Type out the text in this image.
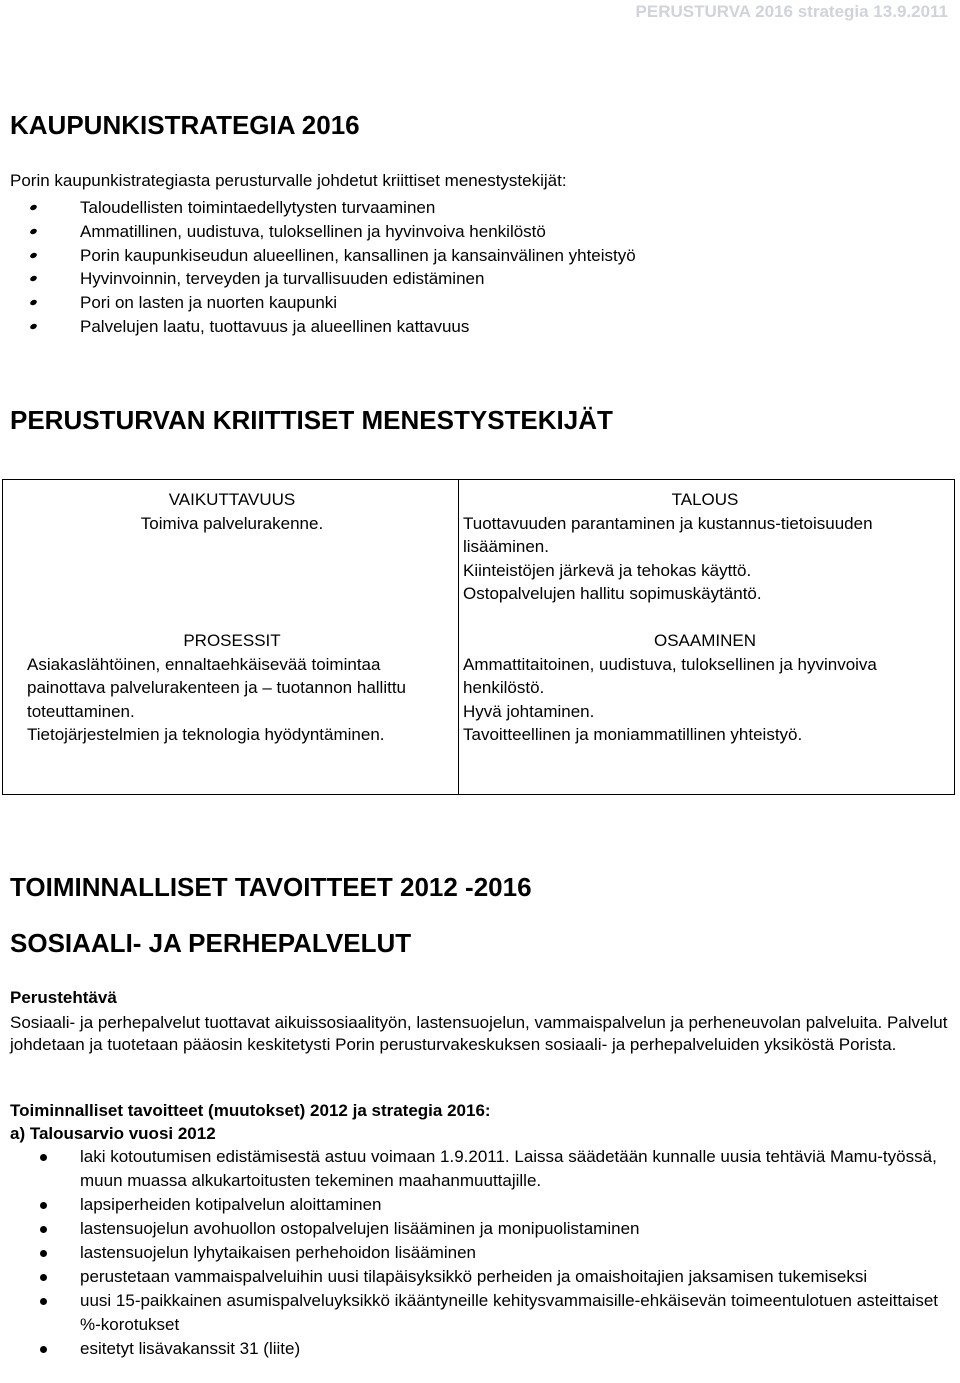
PERUSTURVA 2016 strategia 13.9.2011
KAUPUNKISTRATEGIA 2016
Porin kaupunkistrategiasta perusturvalle johdetut kriittiset menestystekijät:
Taloudellisten toimintaedellytysten turvaaminen
Ammatillinen, uudistuva, tuloksellinen ja hyvinvoiva henkilöstö
Porin kaupunkiseudun alueellinen, kansallinen ja kansainvälinen yhteistyö
Hyvinvoinnin, terveyden ja turvallisuuden edistäminen
Pori on lasten ja nuorten kaupunki
Palvelujen laatu, tuottavuus ja alueellinen kattavuus
PERUSTURVAN KRIITTISET MENESTYSTEKIJÄT
VAIKUTTAVUUS

Toimiva palvelurakenne.

TALOUS

Tuottavuuden parantaminen ja kustannus-tietoisuuden lisääminen.

Kiinteistöjen järkevä ja tehokas käyttö.

Ostopalvelujen hallitu sopimuskäytäntö.

PROSESSIT

Asiakaslähtöinen, ennaltaehkäisevää toimintaa painottava palvelurakenteen ja – tuotannon hallittu toteuttaminen.

Tietojärjestelmien ja teknologia hyödyntäminen.

OSAAMINEN

Ammattitaitoinen, uudistuva, tuloksellinen ja hyvinvoiva henkilöstö.

Hyvä johtaminen.

Tavoitteellinen ja moniammatillinen yhteistyö.

TOIMINNALLISET TAVOITTEET 2012 -2016
SOSIAALI- JA PERHEPALVELUT
Perustehtävä
Sosiaali- ja perhepalvelut tuottavat aikuissosiaalityön, lastensuojelun, vammaispalvelun ja perheneuvolan palveluita. Palvelut johdetaan ja tuotetaan pääosin keskitetysti Porin perusturvakeskuksen sosiaali- ja perhepalveluiden yksiköstä Porista.
Toiminnalliset tavoitteet (muutokset) 2012 ja strategia 2016:
a) Talousarvio vuosi 2012
laki kotoutumisen edistämisestä astuu voimaan 1.9.2011. Laissa säädetään kunnalle uusia tehtäviä Mamu-työssä, muun muassa alkukartoitusten tekeminen maahanmuuttajille.
lapsiperheiden kotipalvelun aloittaminen
lastensuojelun avohuollon ostopalvelujen lisääminen ja monipuolistaminen
lastensuojelun lyhytaikaisen perhehoidon lisääminen
perustetaan vammaispalveluihin uusi tilapäisyksikkö perheiden ja omaishoitajien jaksamisen tukemiseksi
uusi 15-paikkainen asumispalveluyksikkö ikääntyneille kehitysvammaisille-ehkäisevän toimeentulotuen asteittaiset %-korotukset
esitetyt lisävakanssit 31 (liite)
